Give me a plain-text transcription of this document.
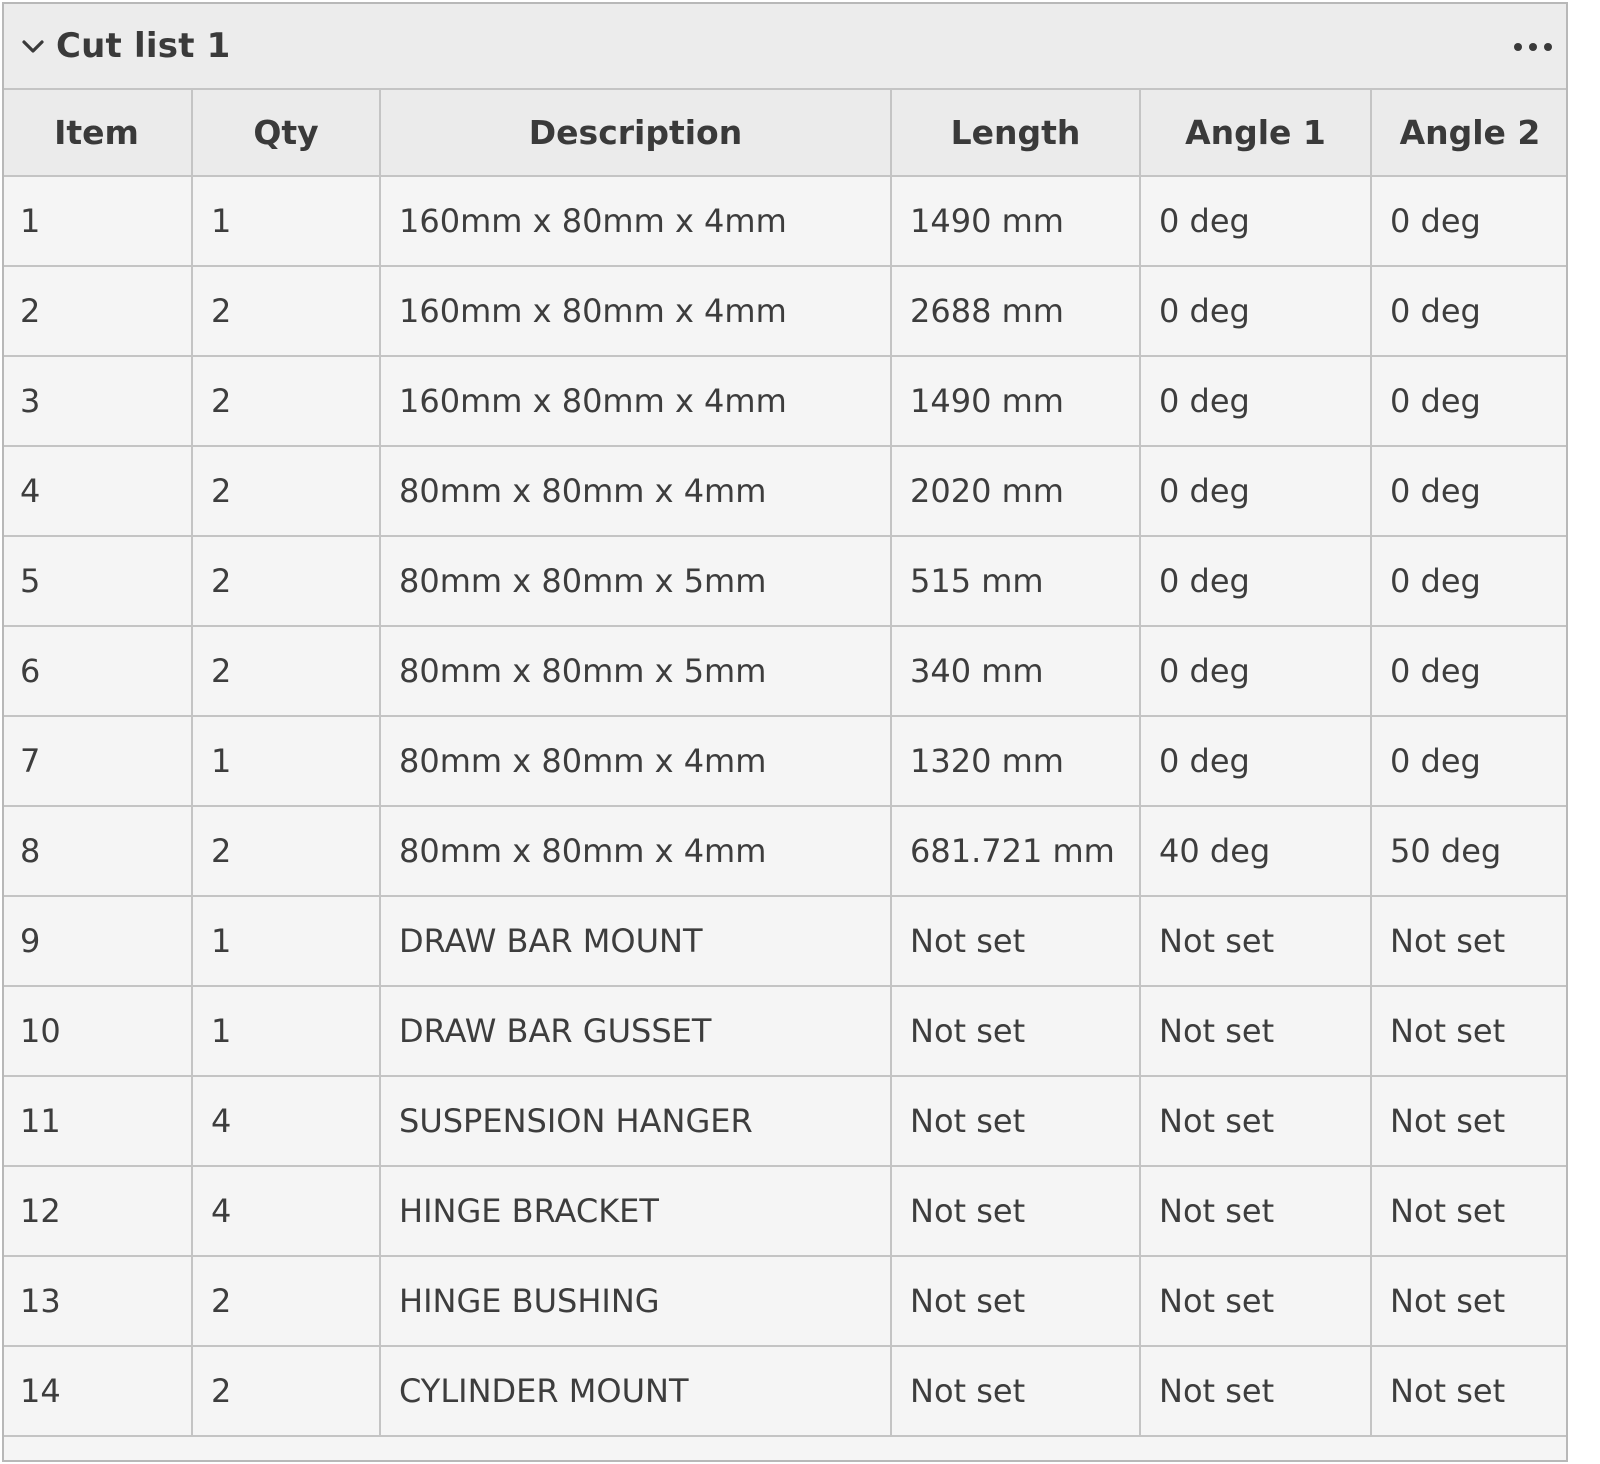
Cut list 1
Item	Qty	Description	Length	Angle 1	Angle 2
1	1	160mm x 80mm x 4mm	1490 mm	0 deg	0 deg
2	2	160mm x 80mm x 4mm	2688 mm	0 deg	0 deg
3	2	160mm x 80mm x 4mm	1490 mm	0 deg	0 deg
4	2	80mm x 80mm x 4mm	2020 mm	0 deg	0 deg
5	2	80mm x 80mm x 5mm	515 mm	0 deg	0 deg
6	2	80mm x 80mm x 5mm	340 mm	0 deg	0 deg
7	1	80mm x 80mm x 4mm	1320 mm	0 deg	0 deg
8	2	80mm x 80mm x 4mm	681.721 mm	40 deg	50 deg
9	1	DRAW BAR MOUNT	Not set	Not set	Not set
10	1	DRAW BAR GUSSET	Not set	Not set	Not set
11	4	SUSPENSION HANGER	Not set	Not set	Not set
12	4	HINGE BRACKET	Not set	Not set	Not set
13	2	HINGE BUSHING	Not set	Not set	Not set
14	2	CYLINDER MOUNT	Not set	Not set	Not set
